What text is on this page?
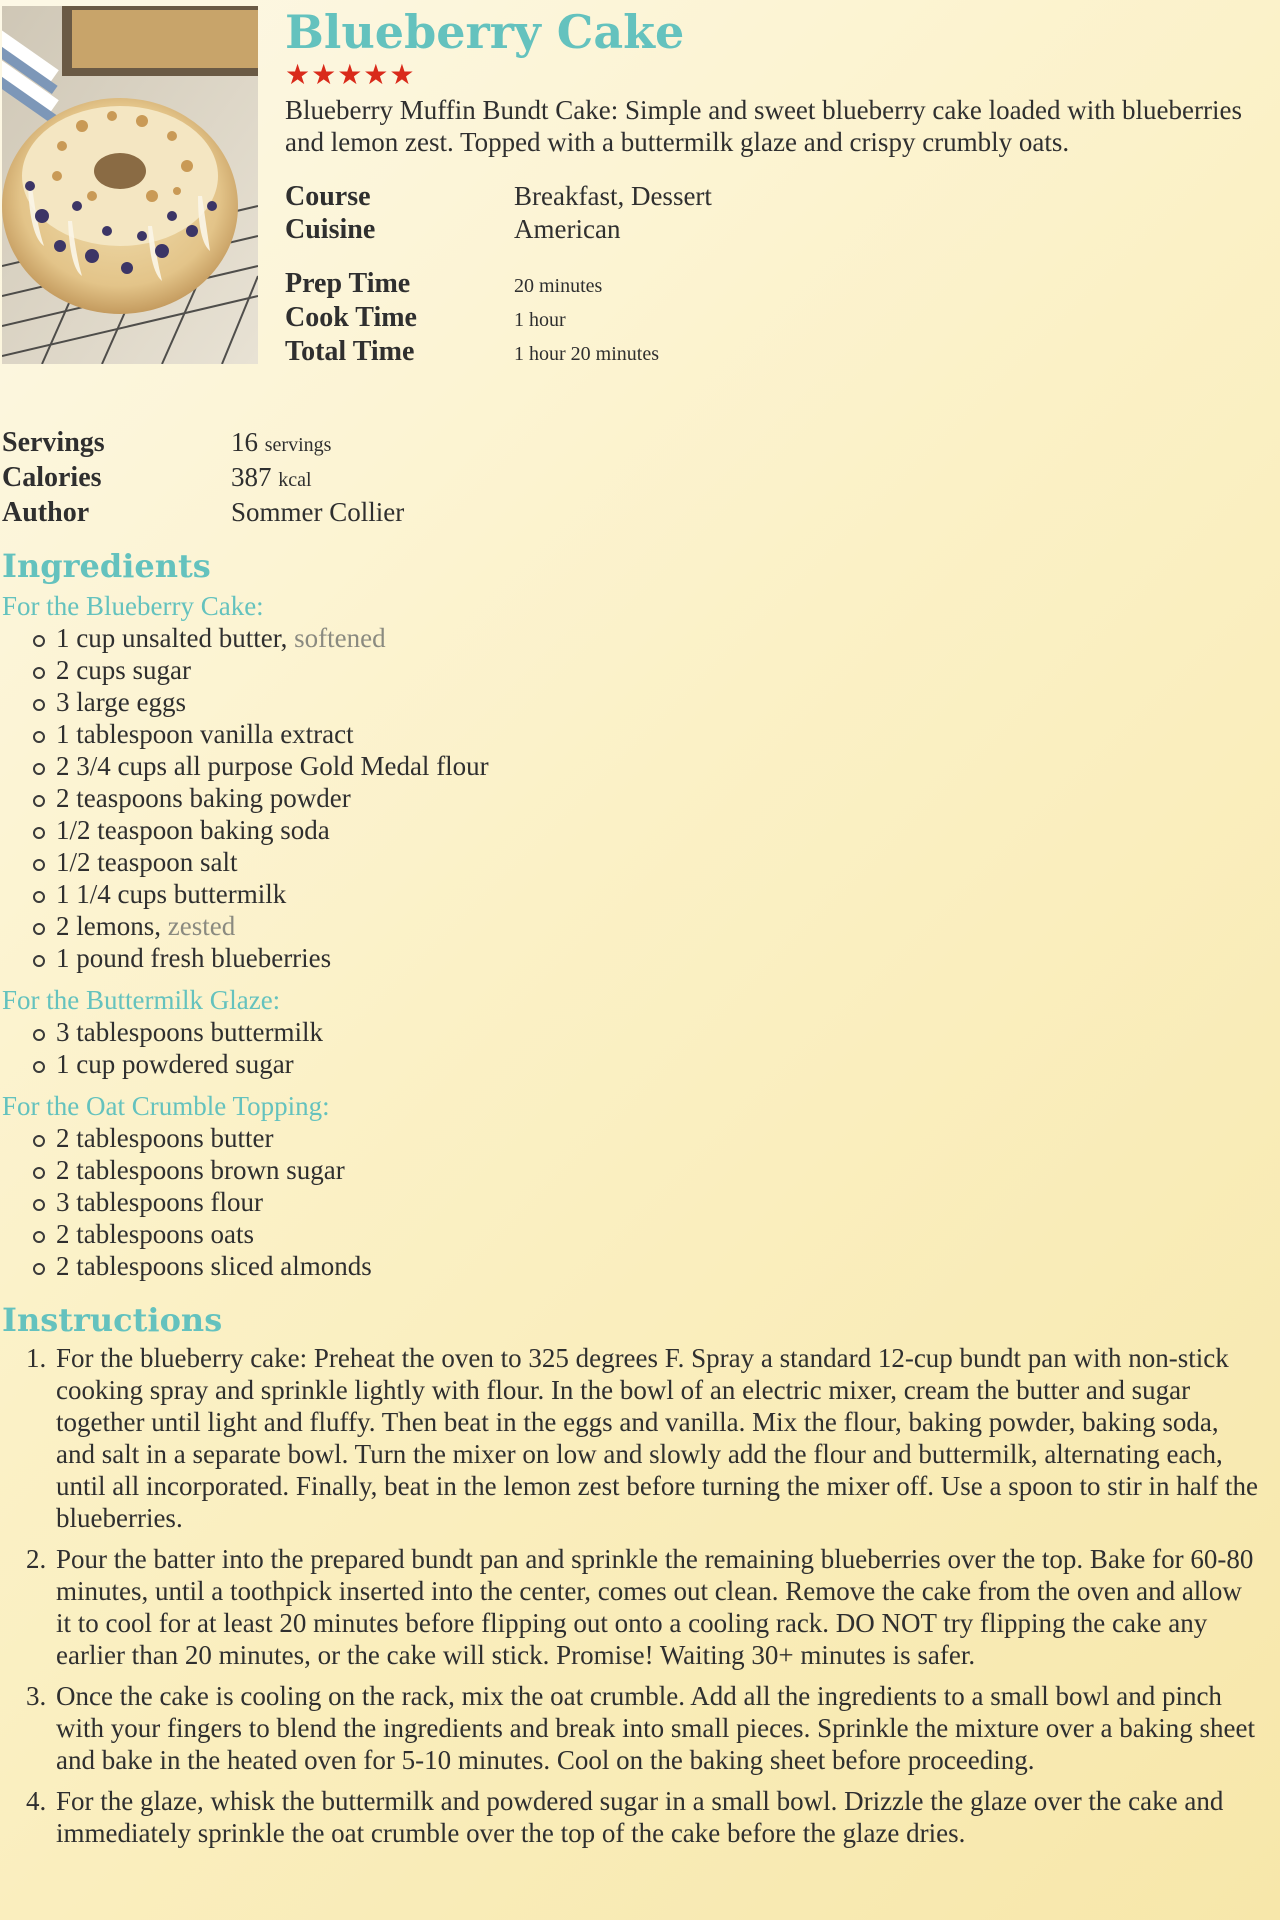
Blueberry Cake
★★★★★
Blueberry Muffin Bundt Cake: Simple and sweet blueberry cake loaded with blueberries and lemon zest. Topped with a buttermilk glaze and crispy crumbly oats.
Course	Breakfast, Dessert
Cuisine	American

Prep Time	20 minutes
Cook Time	1 hour
Total Time	1 hour 20 minutes
Servings	16 servings
Calories	387 kcal
Author	Sommer Collier
Ingredients
For the Blueberry Cake:
1 cup unsalted butter, softened
2 cups sugar
3 large eggs
1 tablespoon vanilla extract
2 3/4 cups all purpose Gold Medal flour
2 teaspoons baking powder
1/2 teaspoon baking soda
1/2 teaspoon salt
1 1/4 cups buttermilk
2 lemons, zested
1 pound fresh blueberries
For the Buttermilk Glaze:
3 tablespoons buttermilk
1 cup powdered sugar
For the Oat Crumble Topping:
2 tablespoons butter
2 tablespoons brown sugar
3 tablespoons flour
2 tablespoons oats
2 tablespoons sliced almonds
Instructions
1. For the blueberry cake: Preheat the oven to 325 degrees F. Spray a standard 12-cup bundt pan with non-stick cooking spray and sprinkle lightly with flour. In the bowl of an electric mixer, cream the butter and sugar together until light and fluffy. Then beat in the eggs and vanilla. Mix the flour, baking powder, baking soda, and salt in a separate bowl. Turn the mixer on low and slowly add the flour and buttermilk, alternating each, until all incorporated. Finally, beat in the lemon zest before turning the mixer off. Use a spoon to stir in half the blueberries.
2. Pour the batter into the prepared bundt pan and sprinkle the remaining blueberries over the top. Bake for 60-80 minutes, until a toothpick inserted into the center, comes out clean. Remove the cake from the oven and allow it to cool for at least 20 minutes before flipping out onto a cooling rack. DO NOT try flipping the cake any earlier than 20 minutes, or the cake will stick. Promise! Waiting 30+ minutes is safer.
3. Once the cake is cooling on the rack, mix the oat crumble. Add all the ingredients to a small bowl and pinch with your fingers to blend the ingredients and break into small pieces. Sprinkle the mixture over a baking sheet and bake in the heated oven for 5-10 minutes. Cool on the baking sheet before proceeding.
4. For the glaze, whisk the buttermilk and powdered sugar in a small bowl. Drizzle the glaze over the cake and immediately sprinkle the oat crumble over the top of the cake before the glaze dries.
